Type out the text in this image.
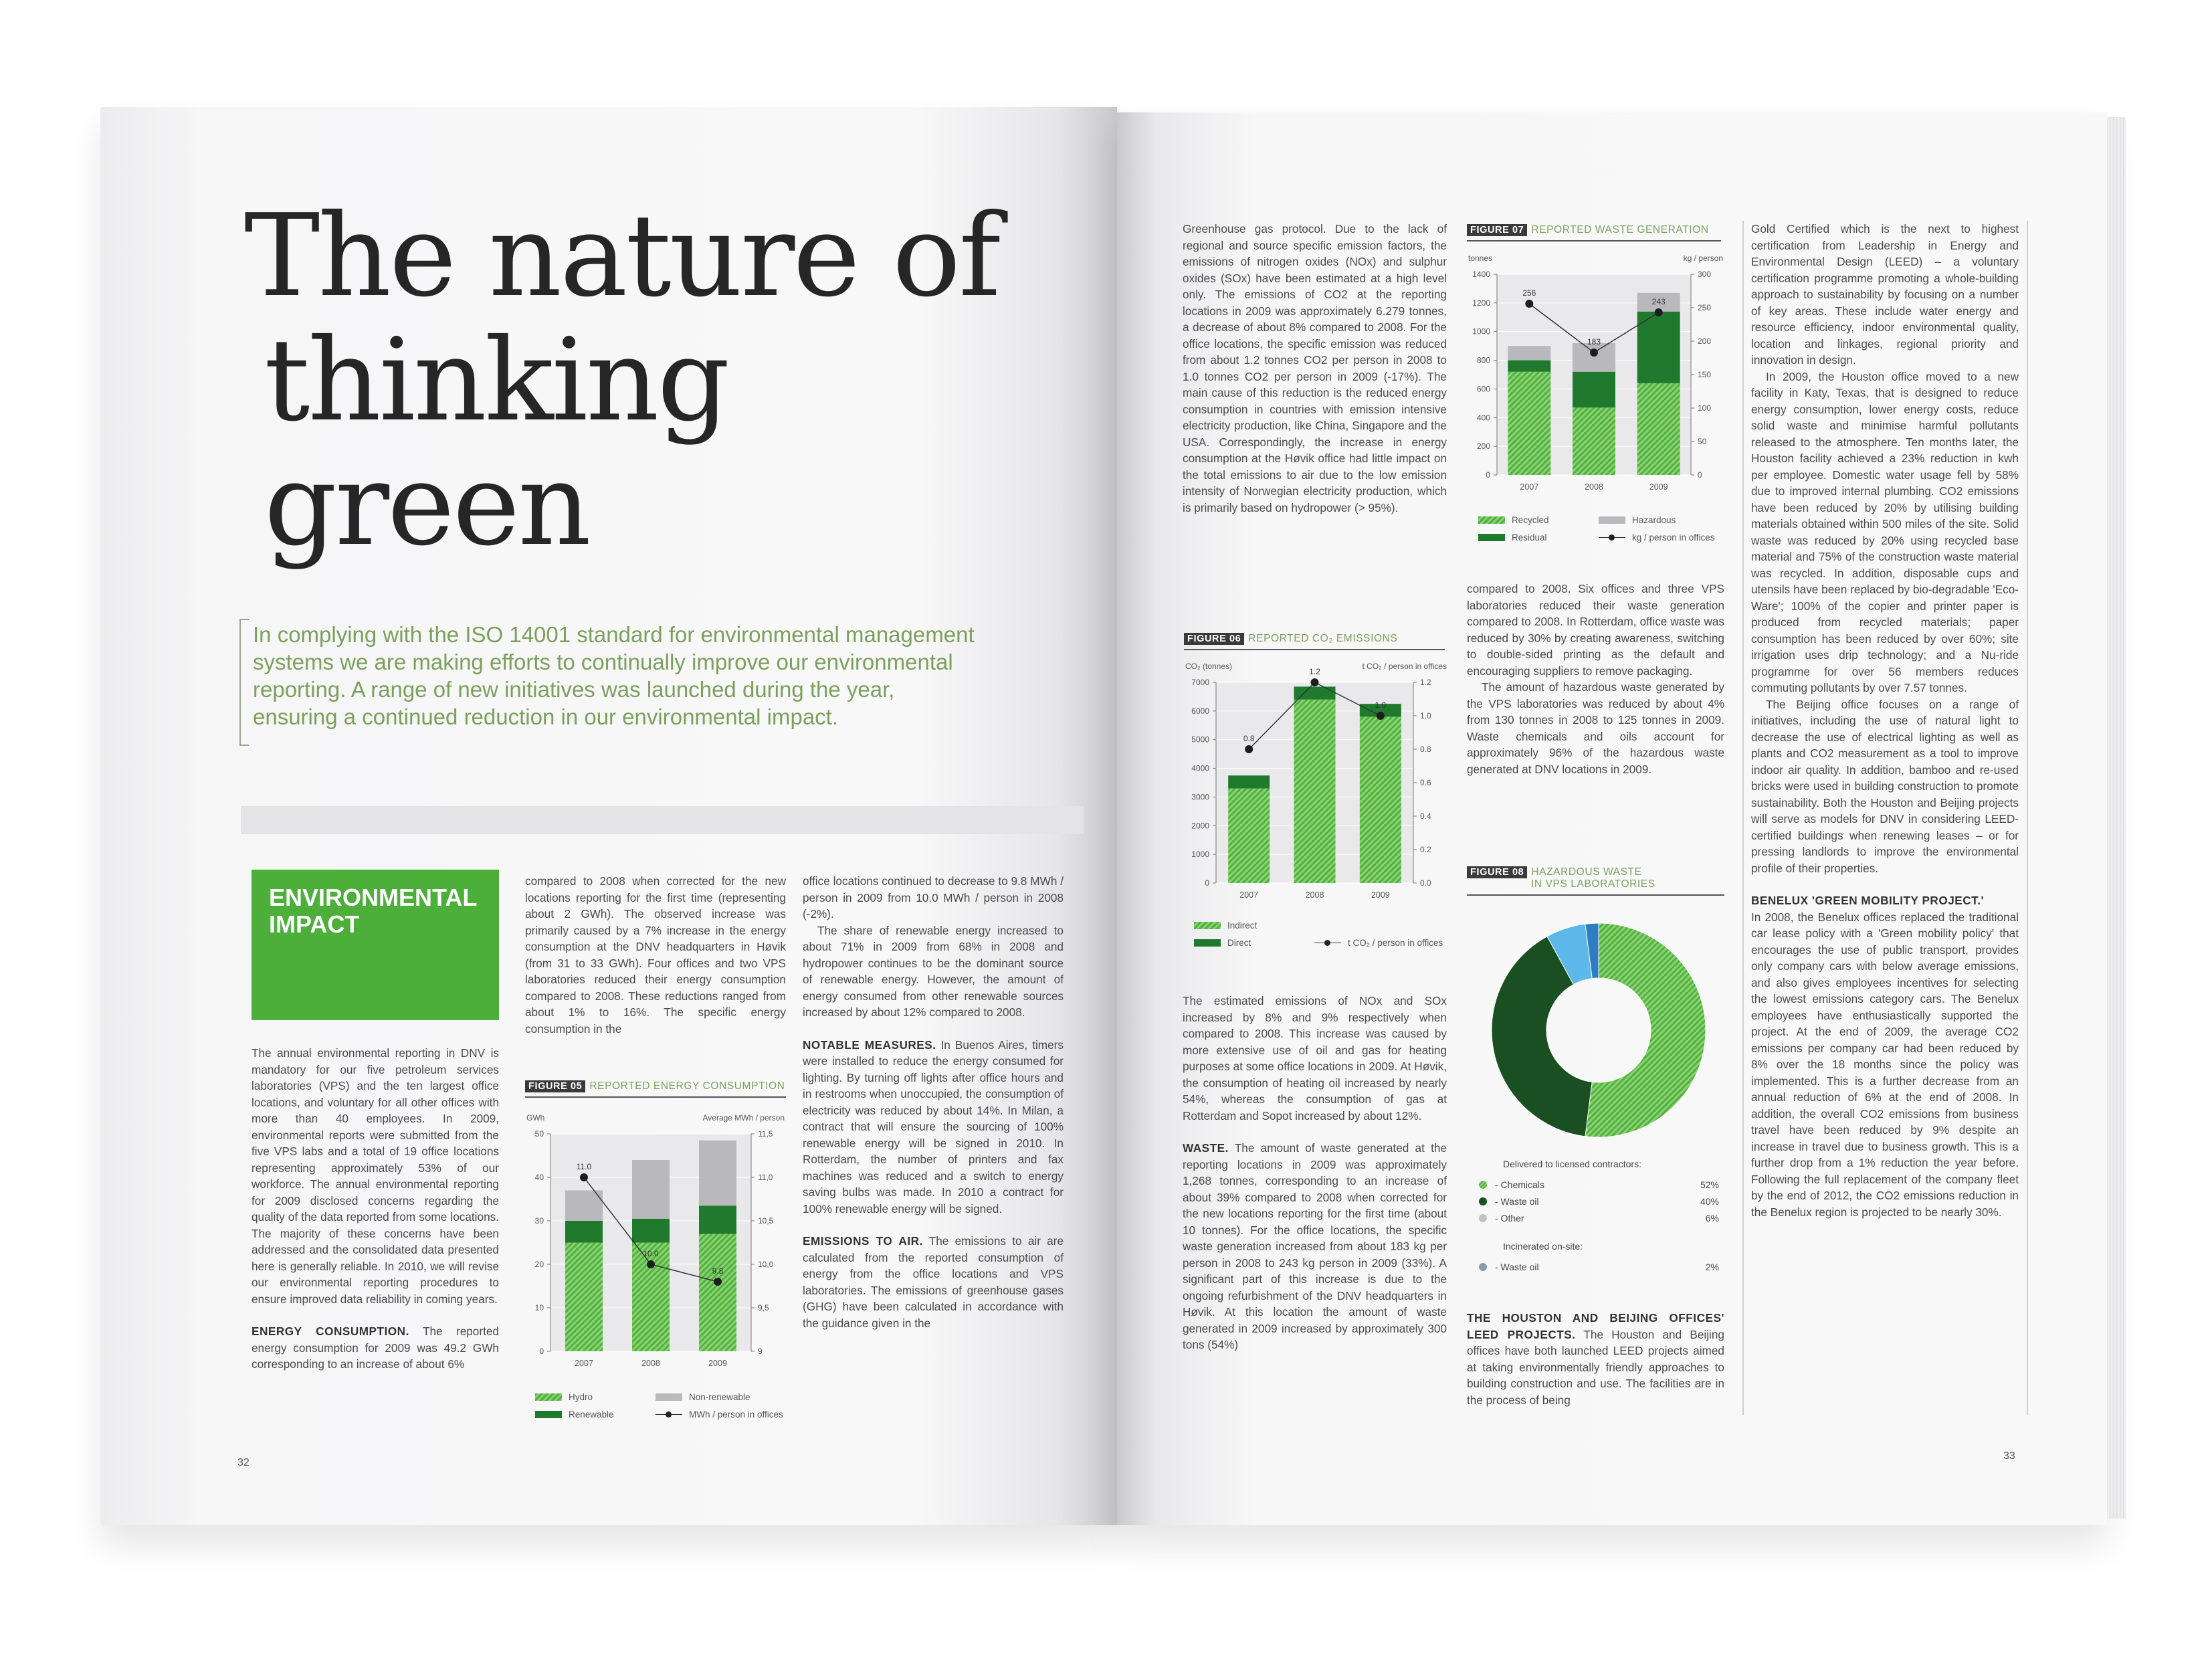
The nature of
thinking green
In complying with the ISO 14001 standard for environmental management
systems we are making efforts to continually improve our environmental
reporting. A range of new initiatives was launched during the year,
ensuring a continued reduction in our environmental impact.
ENVIRONMENTAL
IMPACT

The annual environmental reporting in DNV is mandatory for our five petroleum services laboratories (VPS) and the ten largest office locations, and voluntary for all other offices with more than 40 employees. In 2009, environmental reports were submitted from the five VPS labs and a total of 19 office locations representing approximately 53% of our workforce. The annual environmental reporting for 2009 disclosed concerns regarding the quality of the data reported from some locations. The majority of these concerns have been addressed and the consolidated data presented here is generally reliable. In 2010, we will revise our environmental reporting procedures to ensure improved data reliability in coming years.

ENERGY CONSUMPTION. The reported energy consumption for 2009 was 49.2 GWh corresponding to an increase of about 6%

compared to 2008 when corrected for the new locations reporting for the first time (representing about 2 GWh). The observed increase was primarily caused by a 7% increase in the energy consumption at the DNV headquarters in Høvik (from 31 to 33 GWh). Four offices and two VPS laboratories reduced their energy consumption compared to 2008. These reductions ranged from about 1% to 16%. The specific energy consumption in the

FIGURE 05 REPORTED ENERGY CONSUMPTION
GWh	Average MWh / person
0
10
20
30
40
50
9
9,5
10,0
10,5
11,0
11,5
2007	2008	2009
11.0
10.0
9.8
Hydro	Non-renewable
Renewable	MWh / person in offices

office locations continued to decrease to 9.8 MWh / person in 2009 from 10.0 MWh / person in 2008 (-2%).

The share of renewable energy increased to about 71% in 2009 from 68% in 2008 and hydropower continues to be the dominant source of renewable energy. However, the amount of energy consumed from other renewable sources increased by about 12% compared to 2008.

NOTABLE MEASURES. In Buenos Aires, timers were installed to reduce the energy consumed for lighting. By turning off lights after office hours and in restrooms when unoccupied, the consumption of electricity was reduced by about 14%. In Milan, a contract that will ensure the sourcing of 100% renewable energy will be signed in 2010. In Rotterdam, the number of printers and fax machines was reduced and a switch to energy saving bulbs was made. In 2010 a contract for 100% renewable energy will be signed.

EMISSIONS TO AIR. The emissions to air are calculated from the reported consumption of energy from the office locations and VPS laboratories. The emissions of greenhouse gases (GHG) have been calculated in accordance with the guidance given in the

32

Greenhouse gas protocol. Due to the lack of regional and source specific emission factors, the emissions of nitrogen oxides (NOx) and sulphur oxides (SOx) have been estimated at a high level only. The emissions of CO2 at the reporting locations in 2009 was approximately 6.279 tonnes, a decrease of about 8% compared to 2008. For the office locations, the specific emission was reduced from about 1.2 tonnes CO2 per person in 2008 to 1.0 tonnes CO2 per person in 2009 (-17%). The main cause of this reduction is the reduced energy consumption in countries with emission intensive electricity production, like China, Singapore and the USA. Correspondingly, the increase in energy consumption at the Høvik office had little impact on the total emissions to air due to the low emission intensity of Norwegian electricity production, which is primarily based on hydropower (> 95%).

FIGURE 06 REPORTED CO₂ EMISSIONS
CO₂ (tonnes)	t CO₂ / person in offices
0
1000
2000
3000
4000
5000
6000
7000
0.0
0.2
0.4
0.6
0.8
1.0
1.2
2007	2008	2009
0.8
1.2
1.0
Indirect
Direct	t CO₂ / person in offices

The estimated emissions of NOx and SOx increased by 8% and 9% respectively when compared to 2008. This increase was caused by more extensive use of oil and gas for heating purposes at some office locations in 2009. At Høvik, the consumption of heating oil increased by nearly 54%, whereas the consumption of gas at Rotterdam and Sopot increased by about 12%.

WASTE. The amount of waste generated at the reporting locations in 2009 was approximately 1,268 tonnes, corresponding to an increase of about 39% compared to 2008 when corrected for the new locations reporting for the first time (about 10 tonnes). For the office locations, the specific waste generation increased from about 183 kg per person in 2008 to 243 kg person in 2009 (33%). A significant part of this increase is due to the ongoing refurbishment of the DNV headquarters in Høvik. At this location the amount of waste generated in 2009 increased by approximately 300 tons (54%)

FIGURE 07 REPORTED WASTE GENERATION
tonnes	kg / person
0
200
400
600
800
1000
1200
1400
0
50
100
150
200
250
300
2007	2008	2009
256
183
243
Recycled	Hazardous
Residual	kg / person in offices

compared to 2008. Six offices and three VPS laboratories reduced their waste generation compared to 2008. In Rotterdam, office waste was reduced by 30% by creating awareness, switching to double-sided printing as the default and encouraging suppliers to remove packaging.

The amount of hazardous waste generated by the VPS laboratories was reduced by about 4% from 130 tonnes in 2008 to 125 tonnes in 2009. Waste chemicals and oils account for approximately 96% of the hazardous waste generated at DNV locations in 2009.

FIGURE 08 HAZARDOUS WASTE
IN VPS LABORATORIES
Delivered to licensed contractors:
- Chemicals	52%
- Waste oil	40%
- Other	6%
Incinerated on-site:
- Waste oil	2%

THE HOUSTON AND BEIJING OFFICES' LEED PROJECTS. The Houston and Beijing offices have both launched LEED projects aimed at taking environmentally friendly approaches to building construction and use. The facilities are in the process of being

Gold Certified which is the next to highest certification from Leadership in Energy and Environmental Design (LEED) – a voluntary certification programme promoting a whole-building approach to sustainability by focusing on a number of key areas. These include water energy and resource efficiency, indoor environmental quality, location and linkages, regional priority and innovation in design.

In 2009, the Houston office moved to a new facility in Katy, Texas, that is designed to reduce energy consumption, lower energy costs, reduce solid waste and minimise harmful pollutants released to the atmosphere. Ten months later, the Houston facility achieved a 23% reduction in kwh per employee. Domestic water usage fell by 58% due to improved internal plumbing. CO2 emissions have been reduced by 20% by utilising building materials obtained within 500 miles of the site. Solid waste was reduced by 20% using recycled base material and 75% of the construction waste material was recycled. In addition, disposable cups and utensils have been replaced by bio-degradable 'Eco-Ware'; 100% of the copier and printer paper is produced from recycled materials; paper consumption has been reduced by over 60%; site irrigation uses drip technology; and a Nu-ride programme for over 56 members reduces commuting pollutants by over 7.57 tonnes.

The Beijing office focuses on a range of initiatives, including the use of natural light to decrease the use of electrical lighting as well as plants and CO2 measurement as a tool to improve indoor air quality. In addition, bamboo and re-used bricks were used in building construction to promote sustainability. Both the Houston and Beijing projects will serve as models for DNV in considering LEED-certified buildings when renewing leases – or for pressing landlords to improve the environmental profile of their properties.

BENELUX 'GREEN MOBILITY PROJECT.'

In 2008, the Benelux offices replaced the traditional car lease policy with a 'Green mobility policy' that encourages the use of public transport, provides only company cars with below average emissions, and also gives employees incentives for selecting the lowest emissions category cars. The Benelux employees have enthusiastically supported the project. At the end of 2009, the average CO2 emissions per company car had been reduced by 8% over the 18 months since the policy was implemented. This is a further decrease from an annual reduction of 6% at the end of 2008. In addition, the overall CO2 emissions from business travel have been reduced by 9% despite an increase in travel due to business growth. This is a further drop from a 1% reduction the year before. Following the full replacement of the company fleet by the end of 2012, the CO2 emissions reduction in the Benelux region is projected to be nearly 30%.

33
